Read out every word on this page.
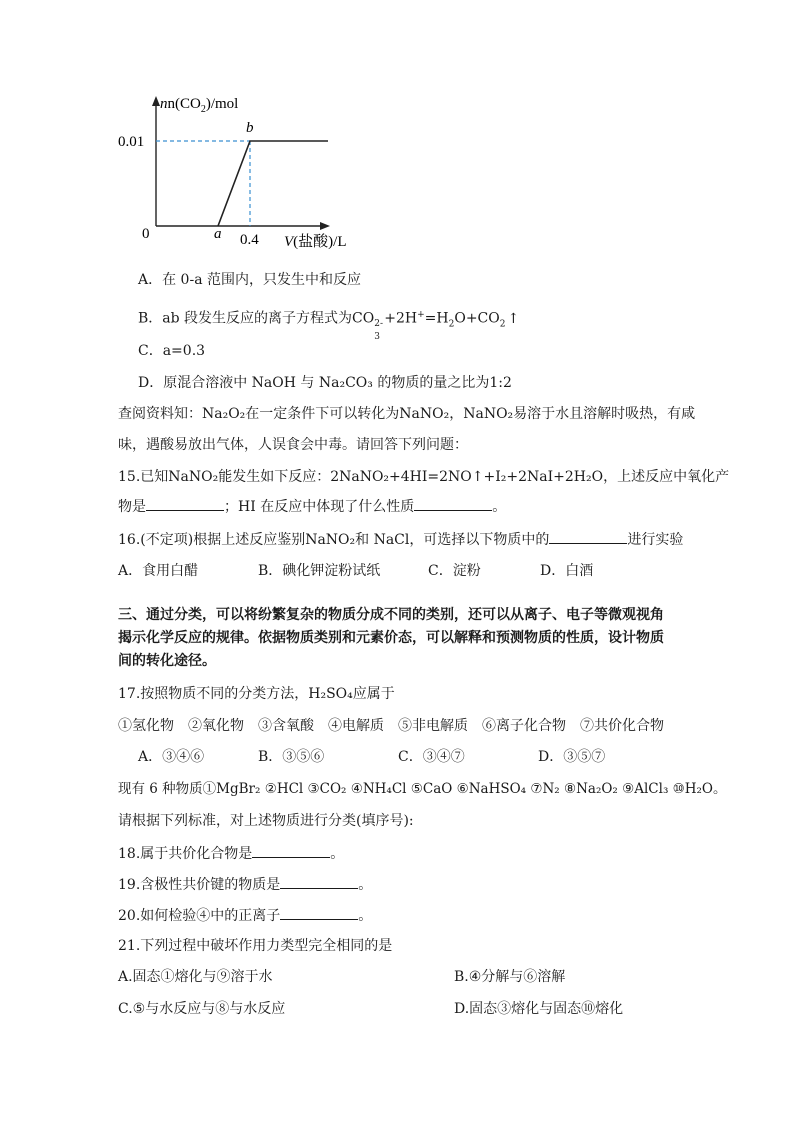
$nn(CO_2)$/mol
b
0.01
0	a 0.4 V(盐酸)/L
A．在 0-a 范围内，只发生中和反应
B．ab 段发生反应的离子方程式为CO 2-
3
$+2H^+=H_2O+CO_2$ ↑
C．a=0.3
D．原混合溶液中 NaOH 与 Na₂CO₃ 的物质的量之比为1:2
查阅资料知：Na₂O₂在一定条件下可以转化为NaNO₂，NaNO₂易溶于水且溶解时吸热，有咸
味，遇酸易放出气体，人误食会中毒。请回答下列问题：
15.已知NaNO₂能发生如下反应：2NaNO₂+4HI=2NO↑+I₂+2NaI+2H₂O，上述反应中氧化产
物是	；HI 在反应中体现了什么性质	。
16.(不定项)根据上述反应鉴别NaNO₂和 NaCl，可选择以下物质中的	进行实验
A．食用白醋	B．碘化钾淀粉试纸	C．淀粉	D．白酒
三、通过分类，可以将纷繁复杂的物质分成不同的类别，还可以从离子、电子等微观视角
揭示化学反应的规律。依据物质类别和元素价态，可以解释和预测物质的性质，设计物质
间的转化途径。
17.按照物质不同的分类方法，H₂SO₄应属于
①氢化物　②氧化物　③含氧酸　④电解质　⑤非电解质　⑥离子化合物　⑦共价化合物
A．③④⑥	B．③⑤⑥	C．③④⑦	D．③⑤⑦
现有 6 种物质①MgBr₂ ②HCl ③CO₂ ④NH₄Cl ⑤CaO ⑥NaHSO₄ ⑦N₂ ⑧Na₂O₂ ⑨AlCl₃ ⑩H₂O。
请根据下列标准，对上述物质进行分类(填序号):
18.属于共价化合物是	。
19.含极性共价键的物质是	。
20.如何检验④中的正离子	。
21.下列过程中破坏作用力类型完全相同的是
A.固态①熔化与⑨溶于水	B.④分解与⑥溶解
C.⑤与水反应与⑧与水反应	D.固态③熔化与固态⑩熔化
